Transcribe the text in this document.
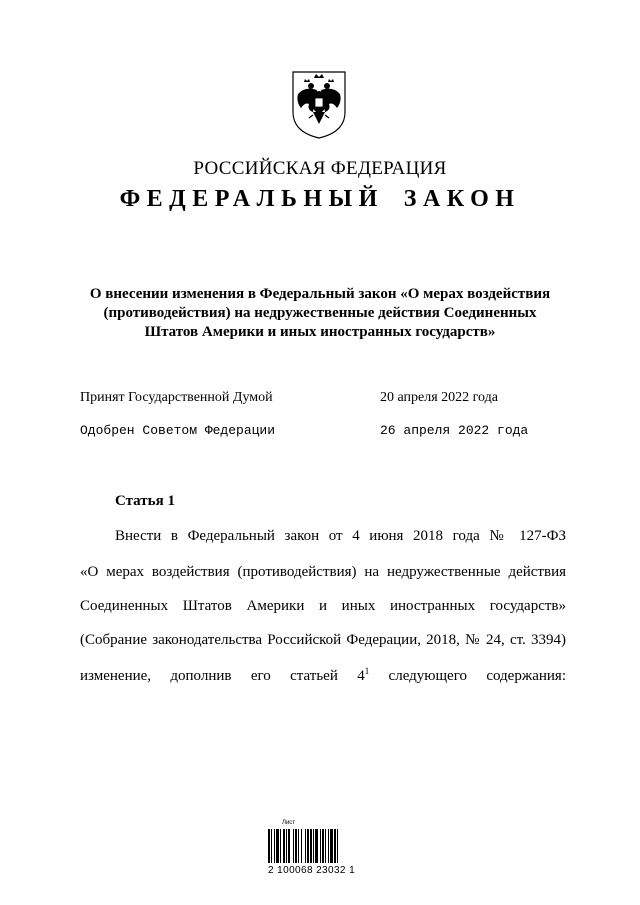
РОССИЙСКАЯ ФЕДЕРАЦИЯ
ФЕДЕРАЛЬНЫЙ ЗАКОН
О внесении изменения в Федеральный закон «О мерах воздействия
(противодействия) на недружественные действия Соединенных
Штатов Америки и иных иностранных государств»
Принят Государственной Думой	20 апреля 2022 года
Одобрен Советом Федерации	26 апреля 2022 года
Статья 1
Внести в Федеральный закон от 4 июня 2018 года № 127-ФЗ
«О мерах воздействия (противодействия) на недружественные действия
Соединенных Штатов Америки и иных иностранных государств»
(Собрание законодательства Российской Федерации, 2018, № 24, ст. 3394)
изменение, дополнив его статьей $4^1$ следующего содержания:
Лист
2 100068 23032 1
